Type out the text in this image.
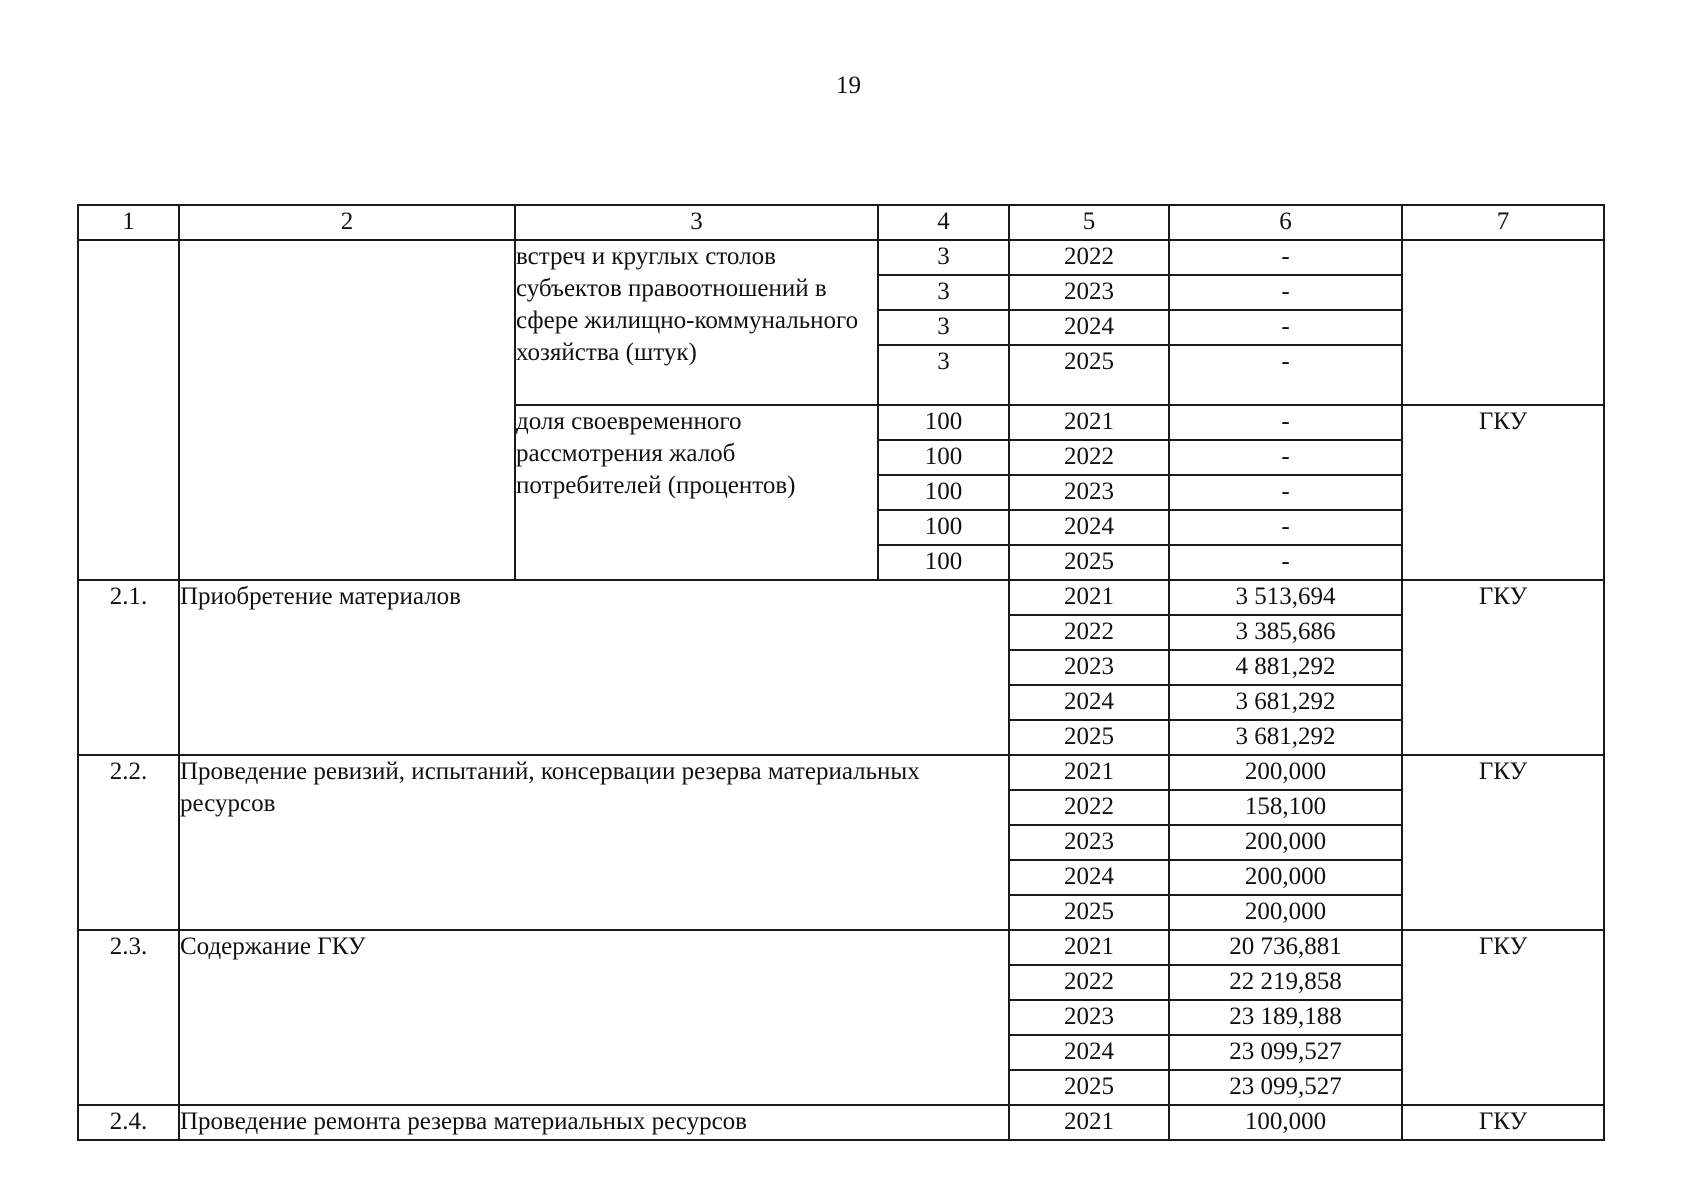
19
1	2	3	4	5	6	7
		встреч и круглых столов субъектов правоотношений в сфере жилищно-коммунального хозяйства (штук)	3	2022	-	
			3	2023	-	
			3	2024	-	
			3	2025	-	
		доля своевременного рассмотрения жалоб потребителей (процентов)	100	2021	-	ГКУ
			100	2022	-	
			100	2023	-	
			100	2024	-	
			100	2025	-	
2.1.	Приобретение материалов			2021	3 513,694	ГКУ
				2022	3 385,686	
				2023	4 881,292	
				2024	3 681,292	
				2025	3 681,292	
2.2.	Проведение ревизий, испытаний, консервации резерва материальных ресурсов			2021	200,000	ГКУ
				2022	158,100	
				2023	200,000	
				2024	200,000	
				2025	200,000	
2.3.	Содержание ГКУ			2021	20 736,881	ГКУ
				2022	22 219,858	
				2023	23 189,188	
				2024	23 099,527	
				2025	23 099,527	
2.4.	Проведение ремонта резерва материальных ресурсов			2021	100,000	ГКУ
